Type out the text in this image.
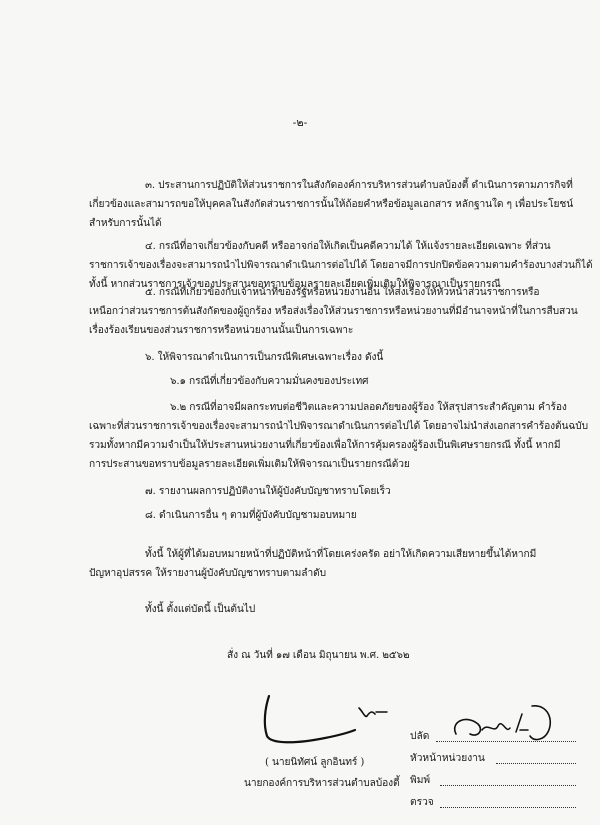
-๒-
๓. ประสานการปฏิบัติให้ส่วนราชการในสังกัดองค์การบริหารส่วนตำบลบ้องตี้ ดำเนินการตามภารกิจที่
เกี่ยวข้องและสามารถขอให้บุคคลในสังกัดส่วนราชการนั้นให้ถ้อยคำหรือข้อมูลเอกสาร หลักฐานใด ๆ เพื่อประโยชน์
สำหรับการนั้นได้
๔. กรณีที่อาจเกี่ยวข้องกับคดี หรืออาจก่อให้เกิดเป็นคดีความได้ ให้แจ้งรายละเอียดเฉพาะ ที่ส่วน
ราชการเจ้าของเรื่องจะสามารถนำไปพิจารณาดำเนินการต่อไปได้ โดยอาจมีการปกปิดข้อความตามคำร้องบางส่วนก็ได้
ทั้งนี้ หากส่วนราชการเจ้าของประสานขอทราบข้อมูลรายละเอียดเพิ่มเติมให้พิจารณาเป็นรายกรณี
๕. กรณีที่เกี่ยวข้องกับเจ้าหน้าที่ของรัฐหรือหน่วยงานอื่น ให้ส่งเรื่องให้หัวหน้าส่วนราชการหรือ
เหนือกว่าส่วนราชการต้นสังกัดของผู้ถูกร้อง หรือส่งเรื่องให้ส่วนราชการหรือหน่วยงานที่มีอำนาจหน้าที่ในการสืบสวน
เรื่องร้องเรียนของส่วนราชการหรือหน่วยงานนั้นเป็นการเฉพาะ
๖. ให้พิจารณาดำเนินการเป็นกรณีพิเศษเฉพาะเรื่อง ดังนี้
๖.๑ กรณีที่เกี่ยวข้องกับความมั่นคงของประเทศ
๖.๒ กรณีที่อาจมีผลกระทบต่อชีวิตและความปลอดภัยของผู้ร้อง ให้สรุปสาระสำคัญตาม คำร้อง
เฉพาะที่ส่วนราชการเจ้าของเรื่องจะสามารถนำไปพิจารณาดำเนินการต่อไปได้ โดยอาจไม่นำส่งเอกสารคำร้องต้นฉบับ
รวมทั้งหากมีความจำเป็นให้ประสานหน่วยงานที่เกี่ยวข้องเพื่อให้การคุ้มครองผู้ร้องเป็นพิเศษรายกรณี ทั้งนี้ หากมี
การประสานขอทราบข้อมูลรายละเอียดเพิ่มเติมให้พิจารณาเป็นรายกรณีด้วย
๗. รายงานผลการปฏิบัติงานให้ผู้บังคับบัญชาทราบโดยเร็ว
๘. ดำเนินการอื่น ๆ ตามที่ผู้บังคับบัญชามอบหมาย
ทั้งนี้ ให้ผู้ที่ได้มอบหมายหน้าที่ปฏิบัติหน้าที่โดยเคร่งครัด อย่าให้เกิดความเสียหายขึ้นได้หากมี
ปัญหาอุปสรรค ให้รายงานผู้บังคับบัญชาทราบตามลำดับ
ทั้งนี้ ตั้งแต่บัดนี้ เป็นต้นไป
สั่ง ณ วันที่ ๑๗ เดือน มิถุนายน พ.ศ. ๒๕๖๒
( นายนิทัศน์ ลูกอินทร์ )
นายกองค์การบริหารส่วนตำบลบ้องตี้
ปลัด
หัวหน้าหน่วยงาน
พิมพ์
ตรวจ
